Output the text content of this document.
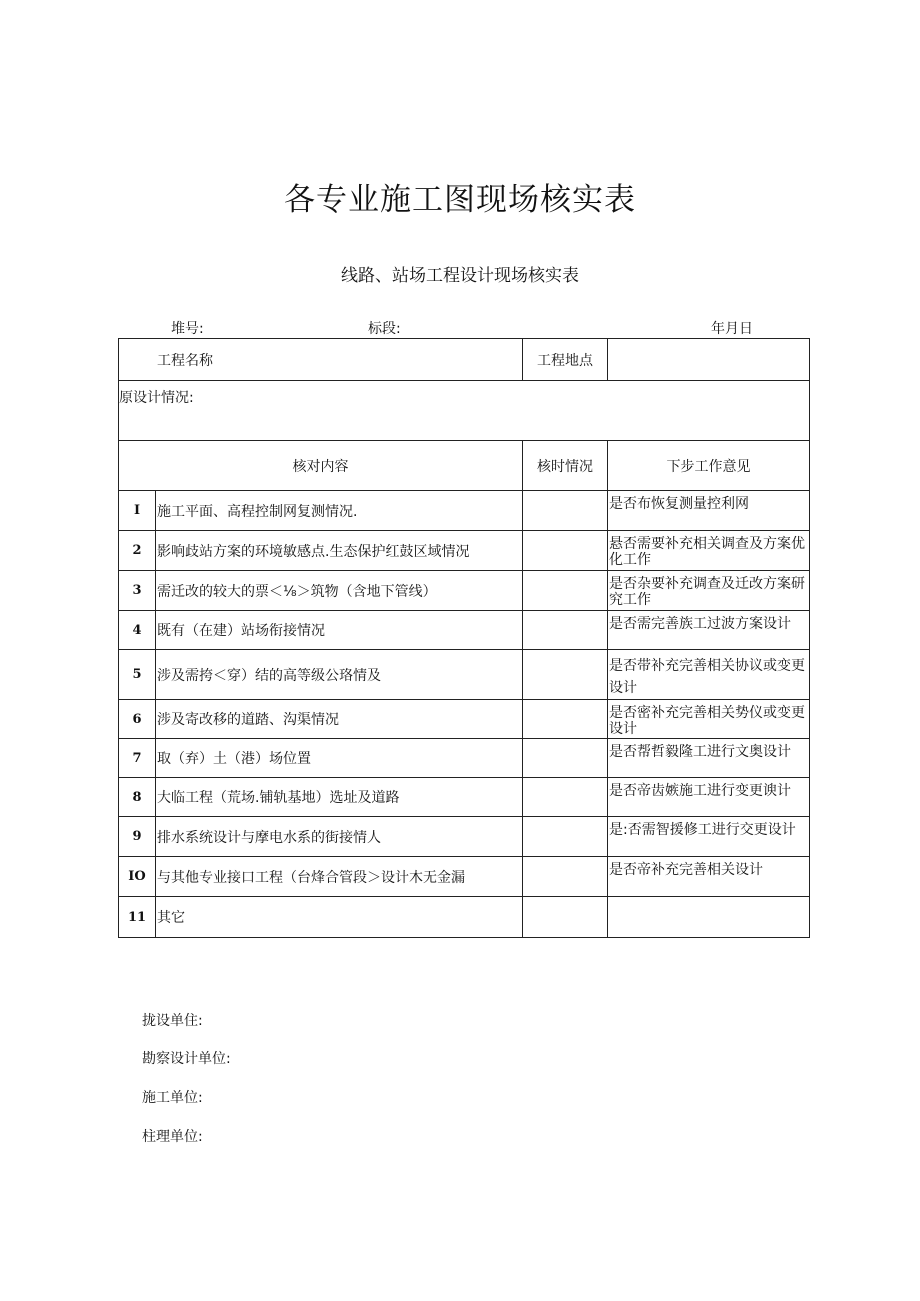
各专业施工图现场核实表
线路、站场工程设计现场核实表
堆号:	标段:	年月日
工程名称		工程地点	
原设计情况:			
核对内容		核时情况	下步工作意见
I	施工平面、高程控制网复测情况.		是否布恢复测量控利网
2	影响歧站方案的环境敏感点.生态保护红鼓区域情况		悬否需要补充相关调查及方案优化工作
3	需迁改的较大的票＜⅛＞筑物（含地下管线）		是否杂要补充调查及迁改方案研究工作
4	既有（在建）站场衔接情况		是否需完善族工过波方案设计
5	涉及需挎＜穿）结的高等级公珞情及		是否带补充完善相关协议或变更设计
6	涉及寄改移的道踏、沟渠情况		是否密补充完善相关势仪或变更设计
7	取（弃）土（港）场位置		是否帮哲毅隆工进行文奥设计
8	大临工程（荒场.铺轨基地）选址及道路		是否帝齿嫉施工进行变更谀计
9	排水系统设计与摩电水系的街接情人		是:否需智援修工进行交更设计
IO	与其他专业接口工程（台烽合管段＞设计木无金漏		是否帝补充完善相关设计
11	其它		
拢设单住:
勘察设计单位:
施工单位:
柱理单位:
